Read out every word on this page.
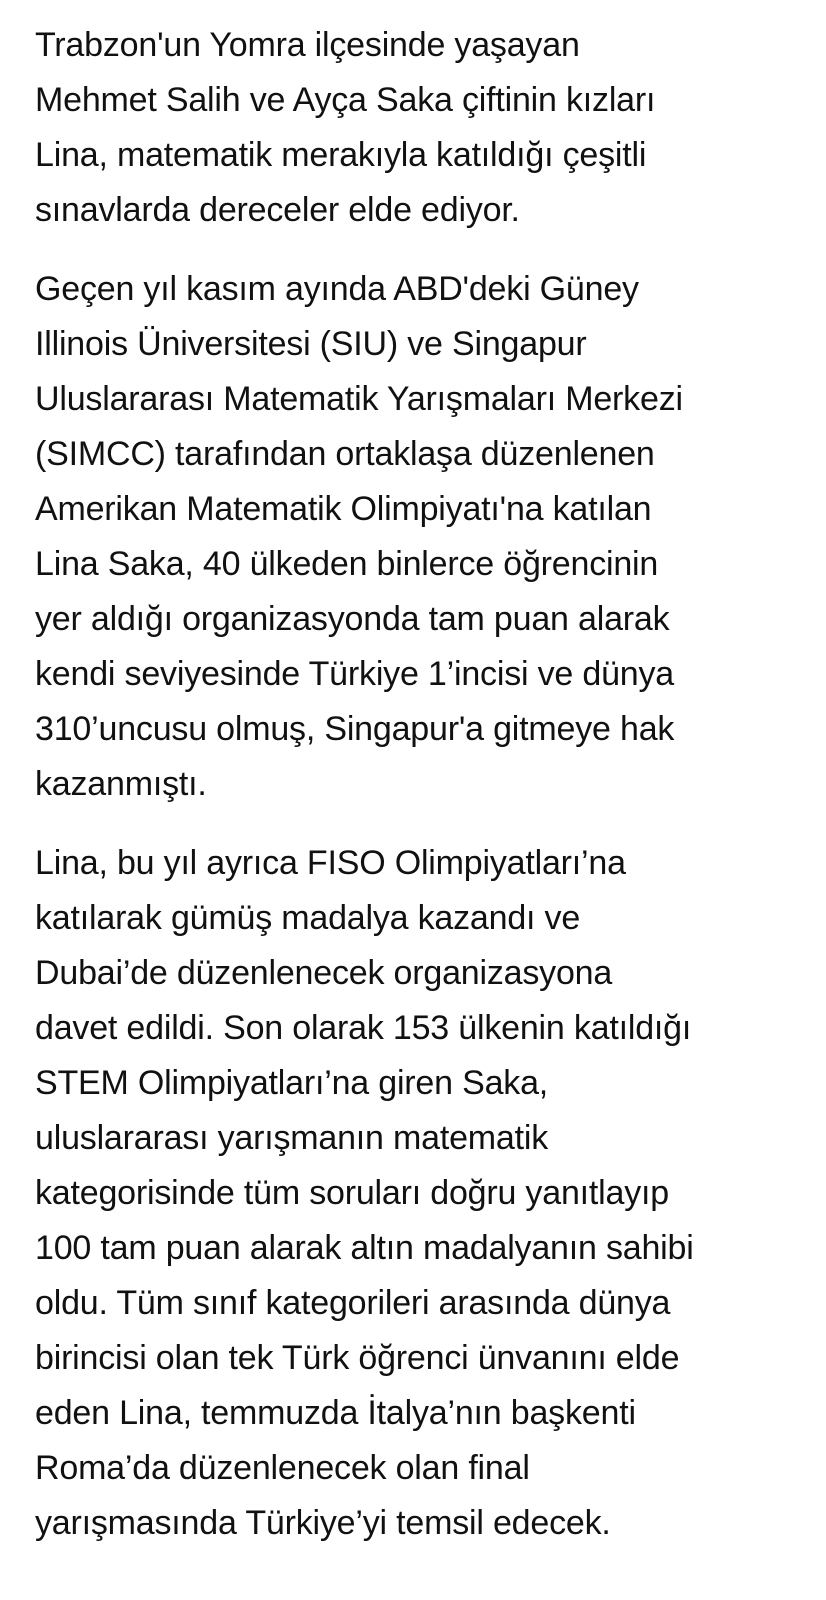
Trabzon'un Yomra ilçesinde yaşayan
Mehmet Salih ve Ayça Saka çiftinin kızları
Lina, matematik merakıyla katıldığı çeşitli
sınavlarda dereceler elde ediyor.

Geçen yıl kasım ayında ABD'deki Güney
Illinois Üniversitesi (SIU) ve Singapur
Uluslararası Matematik Yarışmaları Merkezi
(SIMCC) tarafından ortaklaşa düzenlenen
Amerikan Matematik Olimpiyatı'na katılan
Lina Saka, 40 ülkeden binlerce öğrencinin
yer aldığı organizasyonda tam puan alarak
kendi seviyesinde Türkiye 1’incisi ve dünya
310’uncusu olmuş, Singapur'a gitmeye hak
kazanmıştı.

Lina, bu yıl ayrıca FISO Olimpiyatları’na
katılarak gümüş madalya kazandı ve
Dubai’de düzenlenecek organizasyona
davet edildi. Son olarak 153 ülkenin katıldığı
STEM Olimpiyatları’na giren Saka,
uluslararası yarışmanın matematik
kategorisinde tüm soruları doğru yanıtlayıp
100 tam puan alarak altın madalyanın sahibi
oldu. Tüm sınıf kategorileri arasında dünya
birincisi olan tek Türk öğrenci ünvanını elde
eden Lina, temmuzda İtalya’nın başkenti
Roma’da düzenlenecek olan final
yarışmasında Türkiye’yi temsil edecek.
